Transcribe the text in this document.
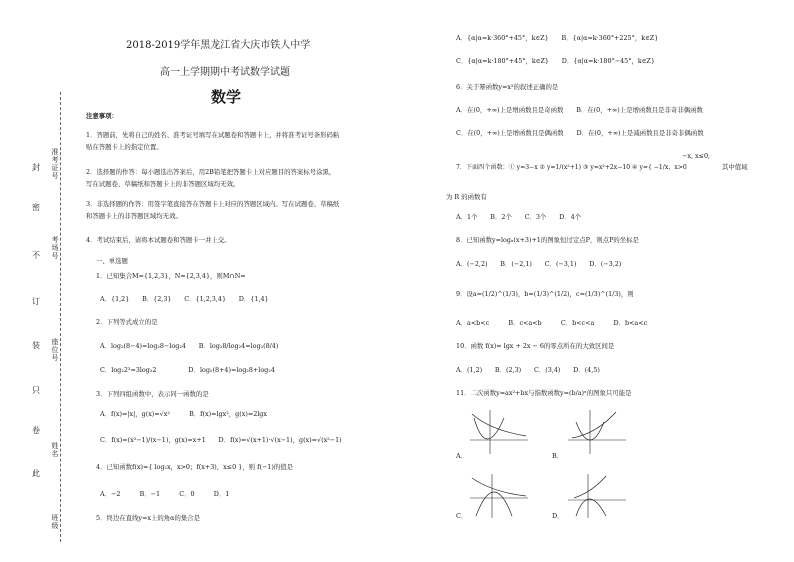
封
密
不
订
装
只
卷
此
准考证号
考场号
座位号
姓名
班级
2018-2019学年黑龙江省大庆市铁人中学
高一上学期期中考试数学试题
数学
注意事项：
1．答题前，先将自己的姓名、准考证号填写在试题卷和答题卡上，并将准考证号条形码粘
贴在答题卡上的指定位置。
2．选择题的作答：每小题选出答案后，用2B铅笔把答题卡上对应题目的答案标号涂黑，
写在试题卷、草稿纸和答题卡上的非答题区域均无效。
3．非选择题的作答：用签字笔直接答在答题卡上对应的答题区域内。写在试题卷、草稿纸
和答题卡上的非答题区域均无效。
4．考试结束后，请将本试题卷和答题卡一并上交。
一、单选题
1．已知集合M={1,2,3}，N={2,3,4}，则M∩N=
A．{1,2}　　B．{2,3}　　C．{1,2,3,4}　　D．{1,4}
2．下列等式成立的是
A．log₂(8−4)=log₂8−log₂4　　B．log₂8/log₂4=log₂(8/4)
C．log₂2³=3log₂2　　　　　D．log₂(8+4)=log₂8+log₂4
3．下列四组函数中，表示同一函数的是
A．f(x)=|x|，g(x)=√x²　　　B．f(x)=lgx²，g(x)=2lgx
C．f(x)=(x²−1)/(x−1)，g(x)=x+1　　D．f(x)=√(x+1)·√(x−1)，g(x)=√(x²−1)
4．已知函数f(x)={ log₂x，x>0；f(x+3)，x≤0 }，则 f(−1)的值是
A．−2　　　B．−1　　　C．0　　　D．1
5．终边在直线y=x上的角α的集合是
A．{α|α=k·360°+45°，k∈Z}　　B．{α|α=k·360°+225°，k∈Z}
C．{α|α=k·180°+45°，k∈Z}　　D．{α|α=k·180°−45°，k∈Z}
6．关于幂函数y=x²的叙述正确的是
A．在(0，+∞)上是增函数且是奇函数　　B．在(0，+∞)上是增函数且是非奇非偶函数
C．在(0，+∞)上是增函数且是偶函数　　D．在(0，+∞)上是减函数且是非奇非偶函数
−x, x≤0,
7．下面四个函数：① y=3−x ② y=1/(x²+1) ③ y=x²+2x−10 ④ y={ −1/x，x>0	其中值域
为 R 的函数有
A．1个　　B．2个　　C．3个　　D．4个
8．已知函数y=logₐ(x+3)+1的图象恒过定点P，则点P的坐标是
A．(−2,2)　　B．(−2,1)　　C．(−3,1)　　D．(−3,2)
9．设a=(1/2)^(1/3)，b=(1/3)^(1/2)，c=(1/3)^(1/3)，则
A．a<b<c　　　B．c<a<b　　　C．b<c<a　　　D．b<a<c
10．函数 f(x)= lgx + 2x − 6的零点所在的大致区间是
A．(1,2)　　B．(2,3)　　C．(3,4)　　D．(4,5)
11．二次函数y=ax²+bx与指数函数y=(b/a)ˣ的图象只可能是
A．	B．
C．	D．
